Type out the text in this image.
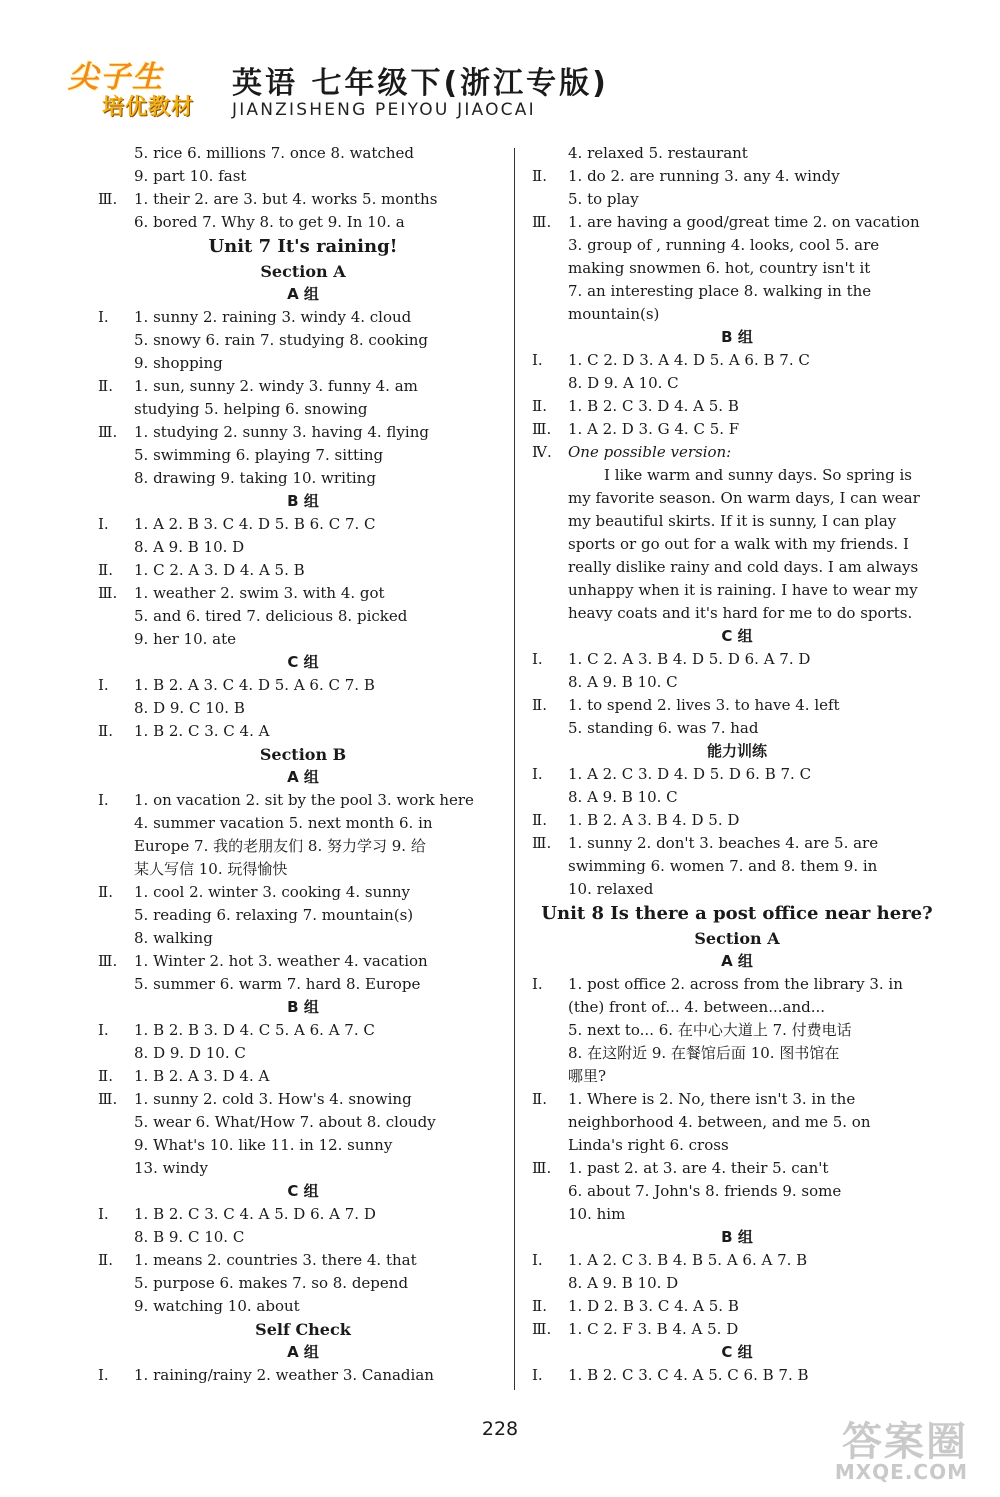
尖子生
培优教材
英语 七年级下(浙江专版)
JIANZISHENG PEIYOU JIAOCAI
5. rice 6. millions 7. once 8. watched
9. part 10. fast
Ⅲ. 1. their 2. are 3. but 4. works 5. months
6. bored 7. Why 8. to get 9. In 10. a
Unit 7 It's raining!
Section A
A 组
Ⅰ. 1. sunny 2. raining 3. windy 4. cloud
5. snowy 6. rain 7. studying 8. cooking
9. shopping
Ⅱ. 1. sun, sunny 2. windy 3. funny 4. am
studying 5. helping 6. snowing
Ⅲ. 1. studying 2. sunny 3. having 4. flying
5. swimming 6. playing 7. sitting
8. drawing 9. taking 10. writing
B 组
Ⅰ. 1. A 2. B 3. C 4. D 5. B 6. C 7. C
8. A 9. B 10. D
Ⅱ. 1. C 2. A 3. D 4. A 5. B
Ⅲ. 1. weather 2. swim 3. with 4. got
5. and 6. tired 7. delicious 8. picked
9. her 10. ate
C 组
Ⅰ. 1. B 2. A 3. C 4. D 5. A 6. C 7. B
8. D 9. C 10. B
Ⅱ. 1. B 2. C 3. C 4. A
Section B
A 组
Ⅰ. 1. on vacation 2. sit by the pool 3. work here
4. summer vacation 5. next month 6. in
Europe 7. 我的老朋友们 8. 努力学习 9. 给
某人写信 10. 玩得愉快
Ⅱ. 1. cool 2. winter 3. cooking 4. sunny
5. reading 6. relaxing 7. mountain(s)
8. walking
Ⅲ. 1. Winter 2. hot 3. weather 4. vacation
5. summer 6. warm 7. hard 8. Europe
B 组
Ⅰ. 1. B 2. B 3. D 4. C 5. A 6. A 7. C
8. D 9. D 10. C
Ⅱ. 1. B 2. A 3. D 4. A
Ⅲ. 1. sunny 2. cold 3. How's 4. snowing
5. wear 6. What/How 7. about 8. cloudy
9. What's 10. like 11. in 12. sunny
13. windy
C 组
Ⅰ. 1. B 2. C 3. C 4. A 5. D 6. A 7. D
8. B 9. C 10. C
Ⅱ. 1. means 2. countries 3. there 4. that
5. purpose 6. makes 7. so 8. depend
9. watching 10. about
Self Check
A 组
Ⅰ. 1. raining/rainy 2. weather 3. Canadian
4. relaxed 5. restaurant
Ⅱ. 1. do 2. are running 3. any 4. windy
5. to play
Ⅲ. 1. are having a good/great time 2. on vacation
3. group of , running 4. looks, cool 5. are
making snowmen 6. hot, country isn't it
7. an interesting place 8. walking in the
mountain(s)
B 组
Ⅰ. 1. C 2. D 3. A 4. D 5. A 6. B 7. C
8. D 9. A 10. C
Ⅱ. 1. B 2. C 3. D 4. A 5. B
Ⅲ. 1. A 2. D 3. G 4. C 5. F
Ⅳ. One possible version:
I like warm and sunny days. So spring is
my favorite season. On warm days, I can wear
my beautiful skirts. If it is sunny, I can play
sports or go out for a walk with my friends. I
really dislike rainy and cold days. I am always
unhappy when it is raining. I have to wear my
heavy coats and it's hard for me to do sports.
C 组
Ⅰ. 1. C 2. A 3. B 4. D 5. D 6. A 7. D
8. A 9. B 10. C
Ⅱ. 1. to spend 2. lives 3. to have 4. left
5. standing 6. was 7. had
能力训练
Ⅰ. 1. A 2. C 3. D 4. D 5. D 6. B 7. C
8. A 9. B 10. C
Ⅱ. 1. B 2. A 3. B 4. D 5. D
Ⅲ. 1. sunny 2. don't 3. beaches 4. are 5. are
swimming 6. women 7. and 8. them 9. in
10. relaxed
Unit 8 Is there a post office near here?
Section A
A 组
Ⅰ. 1. post office 2. across from the library 3. in
(the) front of... 4. between...and...
5. next to... 6. 在中心大道上 7. 付费电话
8. 在这附近 9. 在餐馆后面 10. 图书馆在
哪里?
Ⅱ. 1. Where is 2. No, there isn't 3. in the
neighborhood 4. between, and me 5. on
Linda's right 6. cross
Ⅲ. 1. past 2. at 3. are 4. their 5. can't
6. about 7. John's 8. friends 9. some
10. him
B 组
Ⅰ. 1. A 2. C 3. B 4. B 5. A 6. A 7. B
8. A 9. B 10. D
Ⅱ. 1. D 2. B 3. C 4. A 5. B
Ⅲ. 1. C 2. F 3. B 4. A 5. D
C 组
Ⅰ. 1. B 2. C 3. C 4. A 5. C 6. B 7. B
228	答案圈
MXQE.COM
